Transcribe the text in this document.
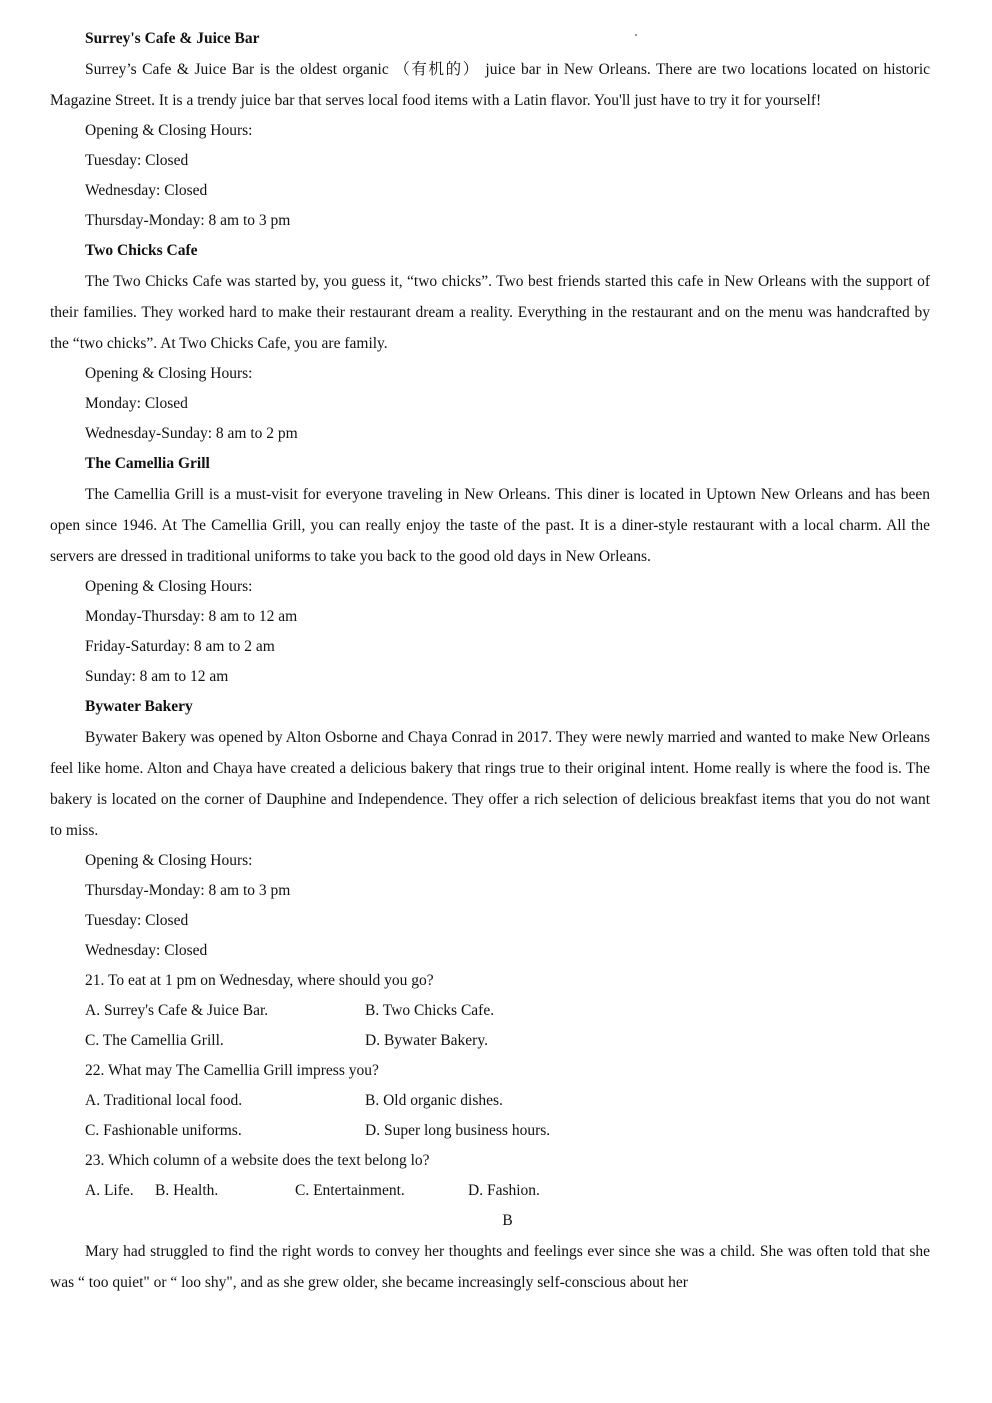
Surrey's Cafe & Juice Bar

Surrey’s Cafe & Juice Bar is the oldest organic （有机的） juice bar in New Orleans. There are two locations located on historic Magazine Street. It is a trendy juice bar that serves local food items with a Latin flavor. You'll just have to try it for yourself!

Opening & Closing Hours:
Tuesday: Closed
Wednesday: Closed
Thursday-Monday: 8 am to 3 pm
Two Chicks Cafe

The Two Chicks Cafe was started by, you guess it, “two chicks”. Two best friends started this cafe in New Orleans with the support of their families. They worked hard to make their restaurant dream a reality. Everything in the restaurant and on the menu was handcrafted by the “two chicks”. At Two Chicks Cafe, you are family.

Opening & Closing Hours:
Monday: Closed
Wednesday-Sunday: 8 am to 2 pm
The Camellia Grill

The Camellia Grill is a must-visit for everyone traveling in New Orleans. This diner is located in Uptown New Orleans and has been open since 1946. At The Camellia Grill, you can really enjoy the taste of the past. It is a diner-style restaurant with a local charm. All the servers are dressed in traditional uniforms to take you back to the good old days in New Orleans.

Opening & Closing Hours:
Monday-Thursday: 8 am to 12 am
Friday-Saturday: 8 am to 2 am
Sunday: 8 am to 12 am
Bywater Bakery

Bywater Bakery was opened by Alton Osborne and Chaya Conrad in 2017. They were newly married and wanted to make New Orleans feel like home. Alton and Chaya have created a delicious bakery that rings true to their original intent. Home really is where the food is. The bakery is located on the corner of Dauphine and Independence. They offer a rich selection of delicious breakfast items that you do not want to miss.

Opening & Closing Hours:
Thursday-Monday: 8 am to 3 pm
Tuesday: Closed
Wednesday: Closed
21. To eat at 1 pm on Wednesday, where should you go?
A. Surrey's Cafe & Juice Bar.	B. Two Chicks Cafe.
C. The Camellia Grill.	D. Bywater Bakery.
22. What may The Camellia Grill impress you?
A. Traditional local food.	B. Old organic dishes.
C. Fashionable uniforms.	D. Super long business hours.
23. Which column of a website does the text belong lo?
A. Life.	B. Health.	C. Entertainment.	D. Fashion.
B

Mary had struggled to find the right words to convey her thoughts and feelings ever since she was a child. She was often told that she was “ too quiet" or “ loo shy", and as she grew older, she became increasingly self-conscious about her
